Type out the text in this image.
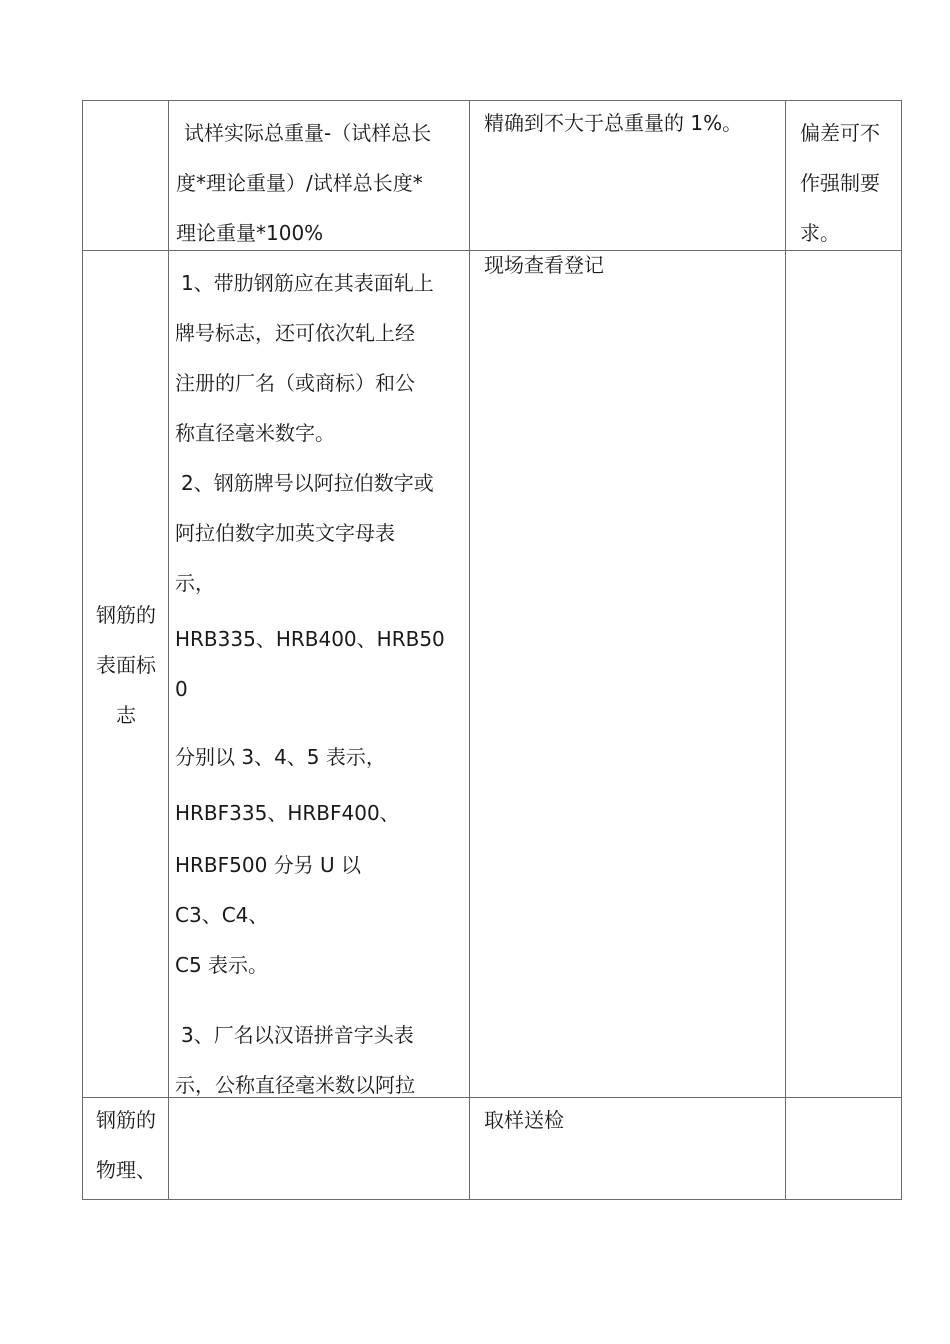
试样实际总重量-（试样总长
度*理论重量）/试样总长度*
理论重量*100%
精确到不大于总重量的 1%。	偏差可不
作强制要
求。
钢筋的
表面标
志
1、带肋钢筋应在其表面轧上
牌号标志，还可依次轧上经
注册的厂名（或商标）和公
称直径毫米数字。
2、钢筋牌号以阿拉伯数字或
阿拉伯数字加英文字母表
示，
HRB335、HRB400、HRB50
0
分别以 3、4、5 表示，
HRBF335、HRBF400、
HRBF500 分另 U 以
C3、C4、
C5 表示。
3、厂名以汉语拼音字头表
示，公称直径毫米数以阿拉
现场查看登记
钢筋的
物理、
取样送检
